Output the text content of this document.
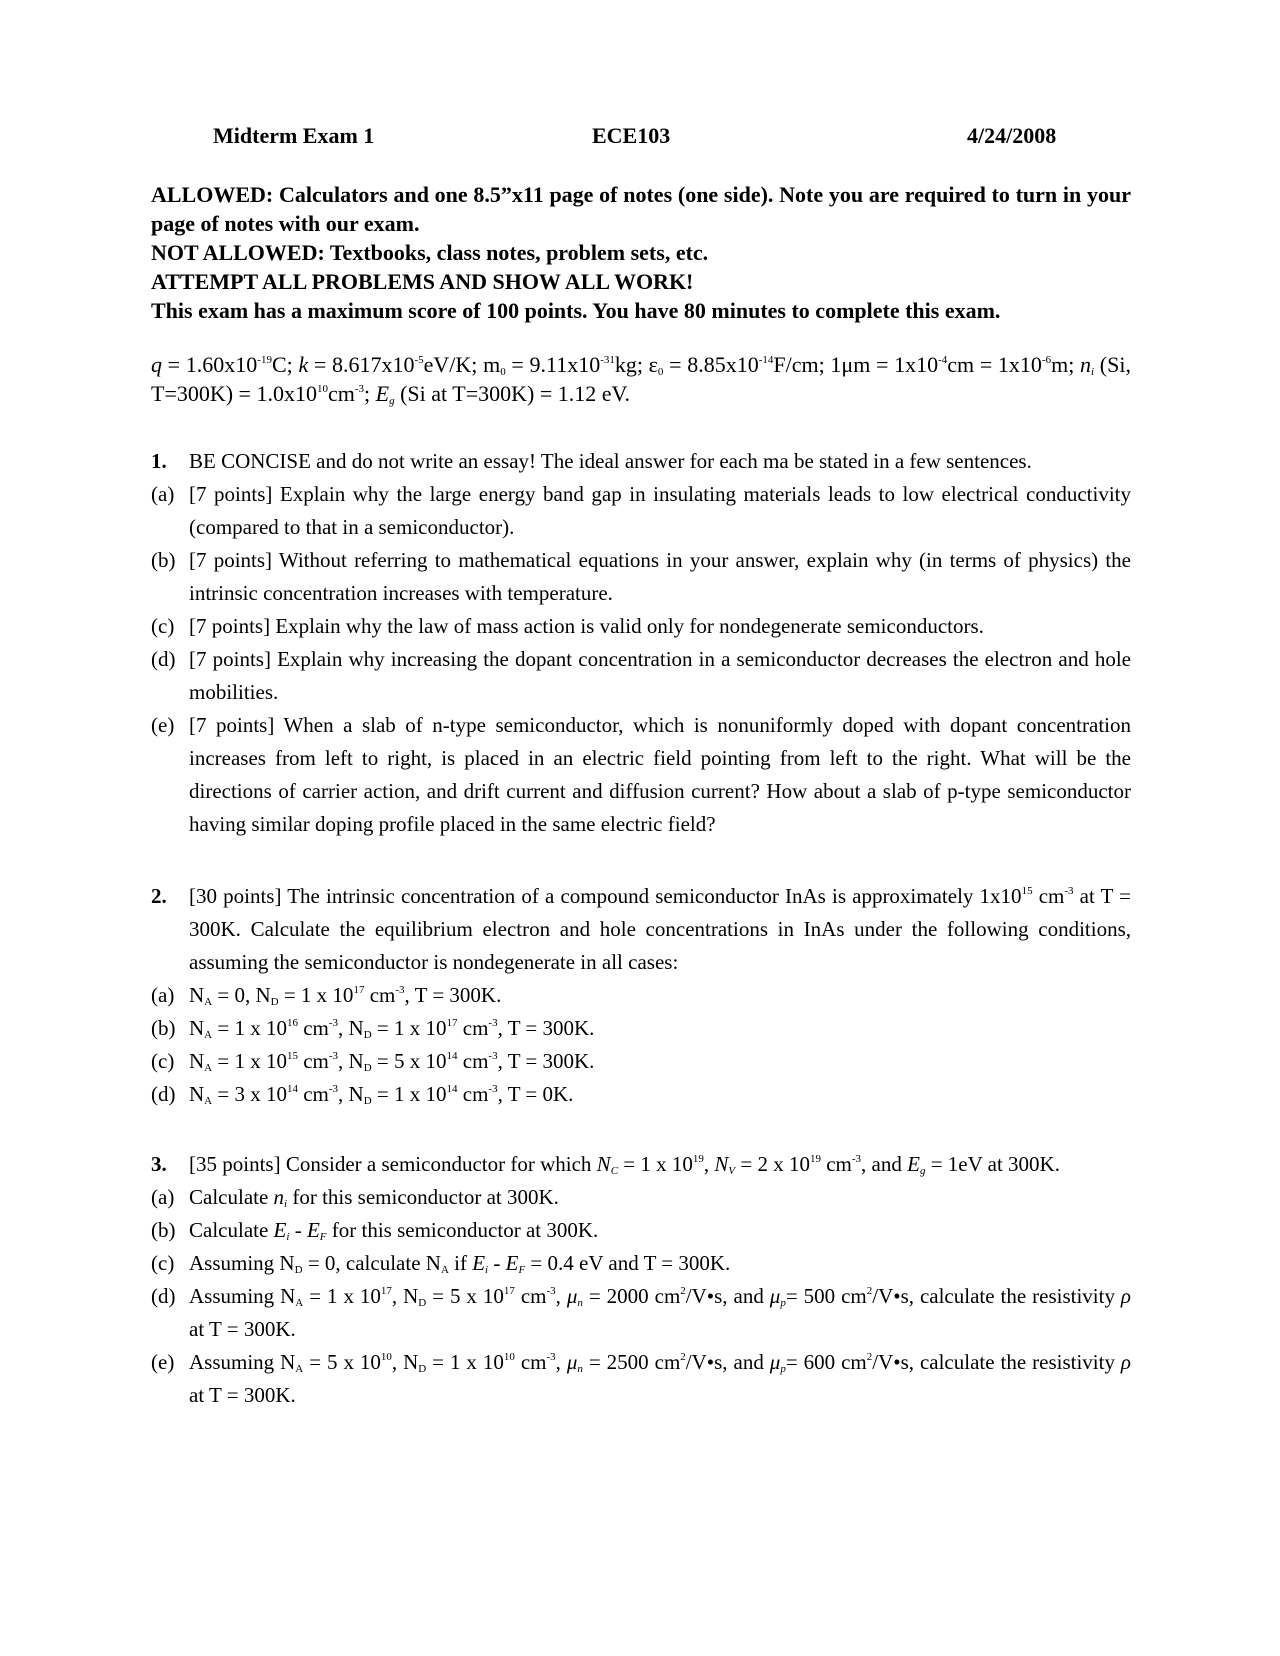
Midterm Exam 1	ECE103	4/24/2008
ALLOWED: Calculators and one 8.5”x11 page of notes (one side). Note you are required to turn in your page of notes with our exam.
NOT ALLOWED: Textbooks, class notes, problem sets, etc.
ATTEMPT ALL PROBLEMS AND SHOW ALL WORK!
This exam has a maximum score of 100 points. You have 80 minutes to complete this exam.
$q = 1.60x10^{-19}C$; $k = 8.617x10^{-5}eV/K$; $m_0 = 9.11x10^{-31}kg$; $\varepsilon_0 = 8.85x10^{-14}F/cm$; $1\mu m = 1x10^{-4}cm = 1x10^{-6}m$; $n_i$ (Si, $T=300K) = 1.0x10^{10}cm^{-3}$; $E_g$ (Si at T=300K) = 1.12 eV.
1. BE CONCISE and do not write an essay! The ideal answer for each ma be stated in a few sentences.
(a) [7 points] Explain why the large energy band gap in insulating materials leads to low electrical conductivity (compared to that in a semiconductor).
(b) [7 points] Without referring to mathematical equations in your answer, explain why (in terms of physics) the intrinsic concentration increases with temperature.
(c) [7 points] Explain why the law of mass action is valid only for nondegenerate semiconductors.
(d) [7 points] Explain why increasing the dopant concentration in a semiconductor decreases the electron and hole mobilities.
(e) [7 points] When a slab of n-type semiconductor, which is nonuniformly doped with dopant concentration increases from left to right, is placed in an electric field pointing from left to the right. What will be the directions of carrier action, and drift current and diffusion current? How about a slab of p-type semiconductor having similar doping profile placed in the same electric field?
2. [30 points] The intrinsic concentration of a compound semiconductor InAs is approximately $1x10^{15}$ $cm^{-3}$ at T = 300K. Calculate the equilibrium electron and hole concentrations in InAs under the following conditions, assuming the semiconductor is nondegenerate in all cases:
(a) $N_A = 0$, $N_D = 1$ x $10^{17}$ $cm^{-3}$, T = 300K.
(b) $N_A = 1$ x $10^{16}$ $cm^{-3}$, $N_D = 1$ x $10^{17}$ $cm^{-3}$, T = 300K.
(c) $N_A = 1$ x $10^{15}$ $cm^{-3}$, $N_D = 5$ x $10^{14}$ $cm^{-3}$, T = 300K.
(d) $N_A = 3$ x $10^{14}$ $cm^{-3}$, $N_D = 1$ x $10^{14}$ $cm^{-3}$, T = 0K.
3. [35 points] Consider a semiconductor for which $N_C = 1$ x $10^{19}$, $N_V = 2$ x $10^{19}$ $cm^{-3}$, and $E_g = 1eV$ at 300K.
(a) Calculate $n_i$ for this semiconductor at 300K.
(b) Calculate $E_i - E_F$ for this semiconductor at 300K.
(c) Assuming $N_D = 0$, calculate $N_A$ if $E_i - E_F = 0.4$ eV and T = 300K.
(d) Assuming $N_A = 1$ x $10^{17}$, $N_D = 5$ x $10^{17}$ $cm^{-3}$, $\mu_n = 2000$ $cm^2/V•s$, and $\mu_p= 500$ $cm^2/V•s$, calculate the resistivity ρ at T = 300K.
(e) Assuming $N_A = 5$ x $10^{10}$, $N_D = 1$ x $10^{10}$ $cm^{-3}$, $\mu_n = 2500$ $cm^2/V•s$, and $\mu_p= 600$ $cm^2/V•s$, calculate the resistivity ρ at T = 300K.
